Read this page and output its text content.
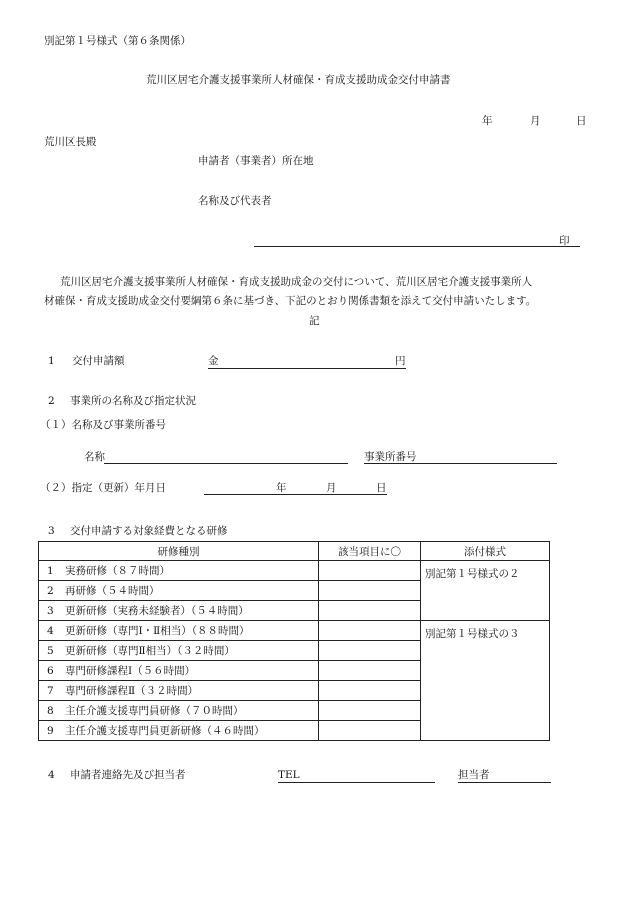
別記第１号様式（第６条関係）
荒川区居宅介護支援事業所人材確保・育成支援助成金交付申請書
年	月	日
荒川区長殿
申請者（事業者）所在地
名称及び代表者
印
荒川区居宅介護支援事業所人材確保・育成支援助成金の交付について、荒川区居宅介護支援事業所人
材確保・育成支援助成金交付要綱第６条に基づき、下記のとおり関係書類を添えて交付申請いたします。
記
1 交付申請額	金	円
2 事業所の名称及び指定状況
（１）名称及び事業所番号
名称	事業所番号
（２）指定（更新）年月日	年	月	日
3 交付申請する対象経費となる研修
研修種別		該当項目に〇	添付様式
1	実務研修（８７時間）		別記第１号様式の２
2	再研修（５４時間）		
3	更新研修（実務未経験者）（５４時間）		
4	更新研修（専門Ⅰ・Ⅱ相当）（８８時間）		別記第１号様式の３
5	更新研修（専門Ⅱ相当）（３２時間）		
6	専門研修課程Ⅰ（５６時間）		
7	専門研修課程Ⅱ（３２時間）		
8	主任介護支援専門員研修（７０時間）		
9	主任介護支援専門員更新研修（４６時間）		
4 申請者連絡先及び担当者	TEL	担当者
